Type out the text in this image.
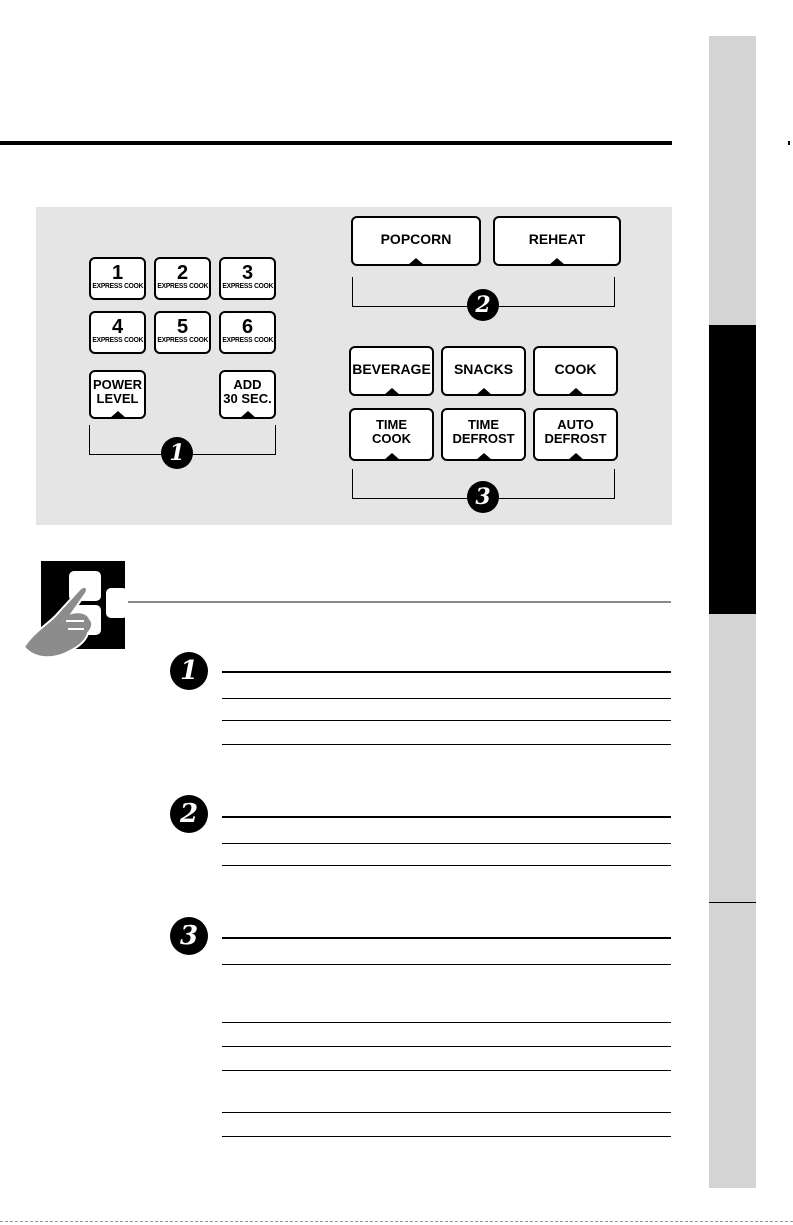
1
EXPRESS COOK
2
EXPRESS COOK
3
EXPRESS COOK
4
EXPRESS COOK
5
EXPRESS COOK
6
EXPRESS COOK
POWER
LEVEL
ADD
30 SEC.
1
POPCORN	REHEAT
2
BEVERAGE	SNACKS	COOK
TIME
COOK
TIME
DEFROST
AUTO
DEFROST
3
1
2
3
